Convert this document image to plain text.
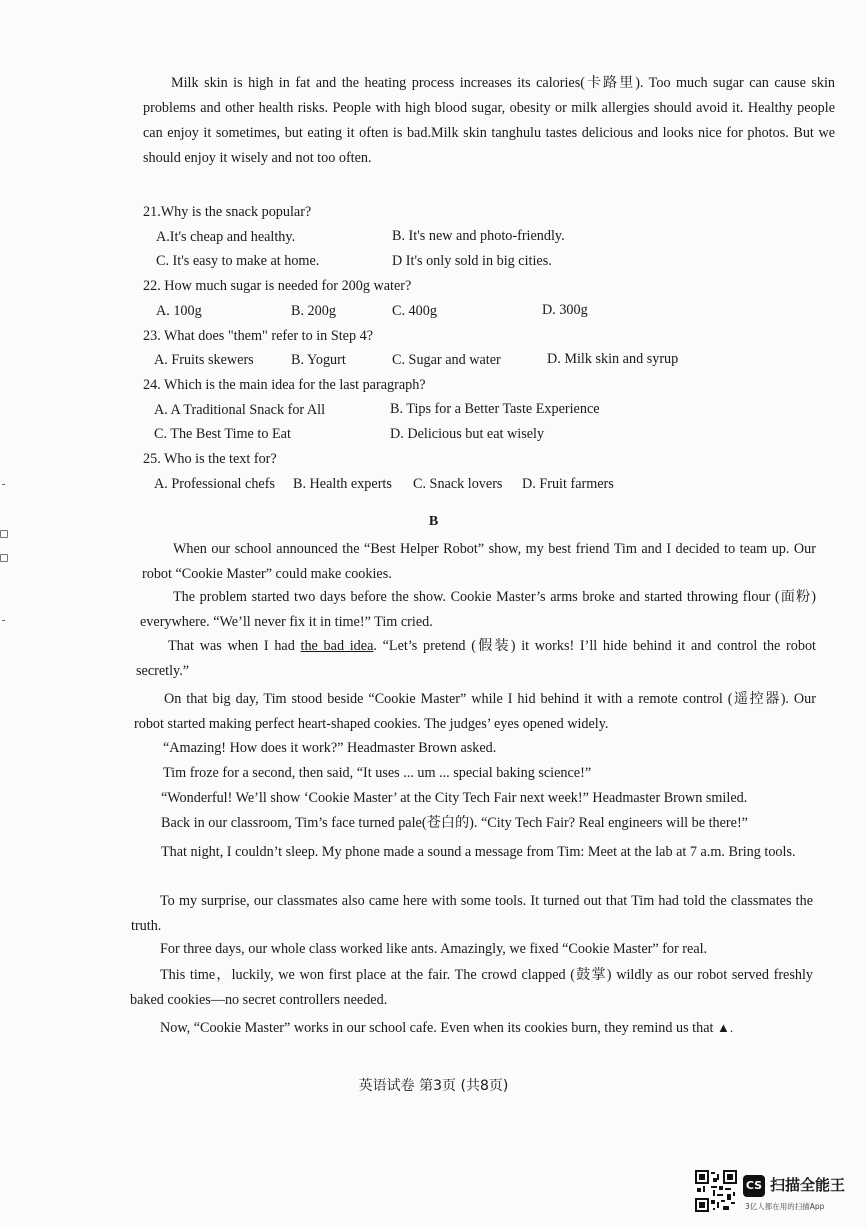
Milk skin is high in fat and the heating process increases its calories(卡路里). Too much sugar can cause skin problems and other health risks. People with high blood sugar, obesity or milk allergies should avoid it. Healthy people can enjoy it sometimes, but eating it often is bad.Milk skin tanghulu tastes delicious and looks nice for photos. But we should enjoy it wisely and not too often.

21.Why is the snack popular?
A.It's cheap and healthy.	B. It's new and photo-friendly.
C. It's easy to make at home.	D It's only sold in big cities.
22. How much sugar is needed for 200g water?
A. 100g	B. 200g	C. 400g	D. 300g
23. What does "them" refer to in Step 4?
A. Fruits skewers	B. Yogurt	C. Sugar and water	D. Milk skin and syrup
24. Which is the main idea for the last paragraph?
A. A Traditional Snack for All	B. Tips for a Better Taste Experience
C. The Best Time to Eat	D. Delicious but eat wisely
25. Who is the text for?
A. Professional chefs B. Health experts C. Snack lovers D. Fruit farmers
B

When our school announced the “Best Helper Robot” show, my best friend Tim and I decided to team up. Our robot “Cookie Master” could make cookies.

The problem started two days before the show. Cookie Master’s arms broke and started throwing flour (面粉) everywhere. “We’ll never fix it in time!” Tim cried.

That was when I had the bad idea. “Let’s pretend (假装) it works! I’ll hide behind it and control the robot secretly.”

On that big day, Tim stood beside “Cookie Master” while I hid behind it with a remote control (遥控器). Our robot started making perfect heart-shaped cookies. The judges’ eyes opened widely.

“Amazing! How does it work?” Headmaster Brown asked.

Tim froze for a second, then said, “It uses ... um ... special baking science!”

“Wonderful! We’ll show ‘Cookie Master’ at the City Tech Fair next week!” Headmaster Brown smiled.

Back in our classroom, Tim’s face turned pale(苍白的). “City Tech Fair? Real engineers will be there!”

That night, I couldn’t sleep. My phone made a sound a message from Tim: Meet at the lab at 7 a.m. Bring tools.

To my surprise, our classmates also came here with some tools. It turned out that Tim had told the classmates the truth.

For three days, our whole class worked like ants. Amazingly, we fixed “Cookie Master” for real.

This time，luckily, we won first place at the fair. The crowd clapped (鼓掌) wildly as our robot served freshly baked cookies—no secret controllers needed.

Now, “Cookie Master” works in our school cafe. Even when its cookies burn, they remind us that ▲.

英语试卷 第3页 (共8页)
CS 扫描全能王
3亿人都在用的扫描App
